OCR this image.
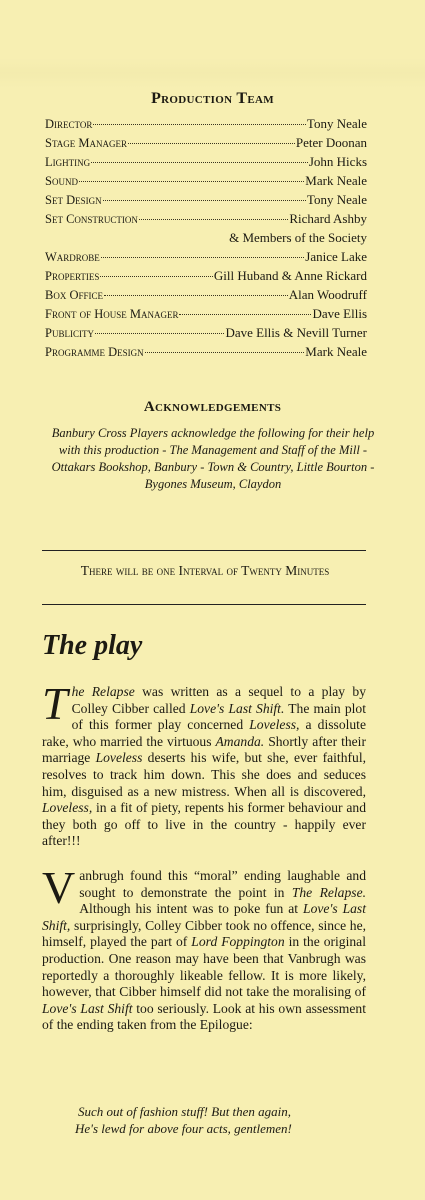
Production Team
Director	Tony Neale
Stage Manager	Peter Doonan
Lighting	John Hicks
Sound	Mark Neale
Set Design	Tony Neale
Set Construction	Richard Ashby
& Members of the Society
Wardrobe	Janice Lake
Properties	Gill Huband & Anne Rickard
Box Office	Alan Woodruff
Front of House Manager	Dave Ellis
Publicity	Dave Ellis & Nevill Turner
Programme Design	Mark Neale
Acknowledgements
Banbury Cross Players acknowledge the following for their help with this production - The Management and Staff of the Mill - Ottakars Bookshop, Banbury - Town & Country, Little Bourton - Bygones Museum, Claydon
There will be one Interval of Twenty Minutes
The play
The Relapse was written as a sequel to a play by Colley Cibber called Love's Last Shift. The main plot of this former play concerned Loveless, a dissolute rake, who married the virtuous Amanda. Shortly after their marriage Loveless deserts his wife, but she, ever faithful, resolves to track him down. This she does and seduces him, disguised as a new mistress. When all is discovered, Loveless, in a fit of piety, repents his former behaviour and they both go off to live in the country - happily ever after!!!
Vanbrugh found this “moral” ending laughable and sought to demonstrate the point in The Relapse. Although his intent was to poke fun at Love's Last Shift, surprisingly, Colley Cibber took no offence, since he, himself, played the part of Lord Foppington in the original production. One reason may have been that Vanbrugh was reportedly a thoroughly likeable fellow. It is more likely, however, that Cibber himself did not take the moralising of Love's Last Shift too seriously. Look at his own assessment of the ending taken from the Epilogue:
Such out of fashion stuff! But then again,
He's lewd for above four acts, gentlemen!
